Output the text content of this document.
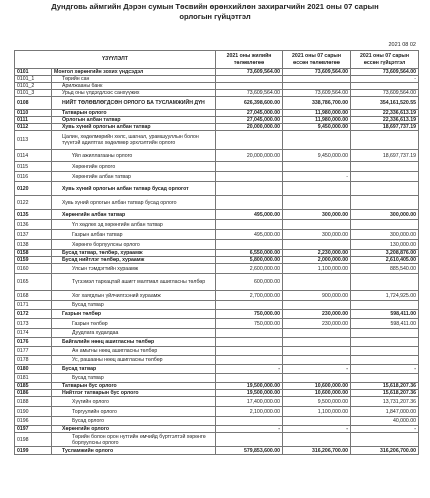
Дундговь аймгийн Дэрэн сумын Төсвийн өрөнхийлөн захирагчийн 2021 оны 07 сарын
орлогын гүйцэтгэл
2021 08 02
ҮЗҮҮЛЭЛТ		2021 оны жилийн төлөвлөгөө	2021 оны 07 сарын өссөн төлөвлөгөө	2021 оны 07 сарын өссөн гүйцэтгэл
0101	Монгол хөрөнгийн зохих үндсэдэл	73,609,564.00	73,609,564.00	73,609,564.00
0101_1	Төрийн сан			-
0101_2	Арилжааны банк			
0101_3	Урьд оны үлдэгдлээс санхүүжих	73,609,564.00	73,609,564.00	73,609,564.00
0108	НИЙТ ТӨЛӨВЛӨГДСӨН ОРЛОГО БА ТУСЛАМЖИЙН ДҮН	626,398,600.00	338,786,700.00	354,161,520.55
0110	Татварын орлого	27,045,000.00	11,980,000.00	22,336,613.19
0111	Орлогын албан татвар	27,045,000.00	11,980,000.00	22,336,613.19
0112	Хувь хүний орлогын албан татвар	20,000,000.00	9,450,000.00	18,697,737.19
0113	Цалин, хөдөлмөрийн хөлс, шагнал, урамшууллын болон түүнтэй адилтгах хөдөлмөр эрхлэлтийн орлого			
0114	Үйл ажиллагааны орлого	20,000,000.00	9,450,000.00	18,697,737.19
0115	Хөрөнгийн орлого			
0116	Хөрөнгийн албан татвар		-	
0120	Хувь хүний орлогын албан татвар бусад орлогот			
0122	Хувь хүний орлогын албан татвар бусад орлого			
0135	Хөрөнгийн албан татвар	495,000.00	300,000.00	300,000.00
0136	Үл хөдлөх эд хөрөнгийн албан татвар			
0137	Газрын албан татвар	495,000.00	300,000.00	300,000.00
0138	Хөрөнгө борлуулсны орлого			130,000.00
0158	Бусад татвар, төлбөр, хураамж	6,550,000.00	2,230,000.00	3,208,876.00
0159	Бусад нийтлэг төлбөр, хураамж	5,800,000.00	2,000,000.00	2,610,405.00
0160	Улсын тэмдэгтийн хураамж	2,600,000.00	1,100,000.00	885,540.00
0165	Түгээмэл тархацтай ашигт малтмал ашигласны төлбөр	600,000.00		
0168	Хог хаягдлын үйлчилгээний хураамж	2,700,000.00	900,000.00	1,724,925.00
0171	Бусад татвар			
0172	Газрын төлбөр	750,000.00	230,000.00	598,411.00
0173	Газрын төлбөр	750,000.00	230,000.00	598,411.00
0174	Дуудлага худалдаа			
0176	Байгалийн нөөц ашигласны төлбөр			
0177	Ан амьтны нөөц ашигласны төлбөр			
0178	Ус, рашааны нөөц ашигласны төлбөр			
0180	Бусад татвар	-	-	-
0181	Бусад татвар			
0185	Татварын бус орлого	19,500,000.00	10,600,000.00	15,618,207.36
0186	Нийтлэг татварын бус орлого	19,500,000.00	10,600,000.00	15,618,207.36
0188	Хүүгийн орлого	17,400,000.00	9,500,000.00	13,731,207.36
0190	Торгуулийн орлого	2,100,000.00	1,100,000.00	1,847,000.00
0196	Бусад орлого			40,000.00
0197	Хөрөнгийн орлого	-	-	-
0198	Төрийн болон орон нутгийн өмчийд бүртгэлтэй хөрөнгө борлуулсны орлого			
0199	Тусламжийн орлого	579,853,600.00	316,206,700.00	316,206,700.00
